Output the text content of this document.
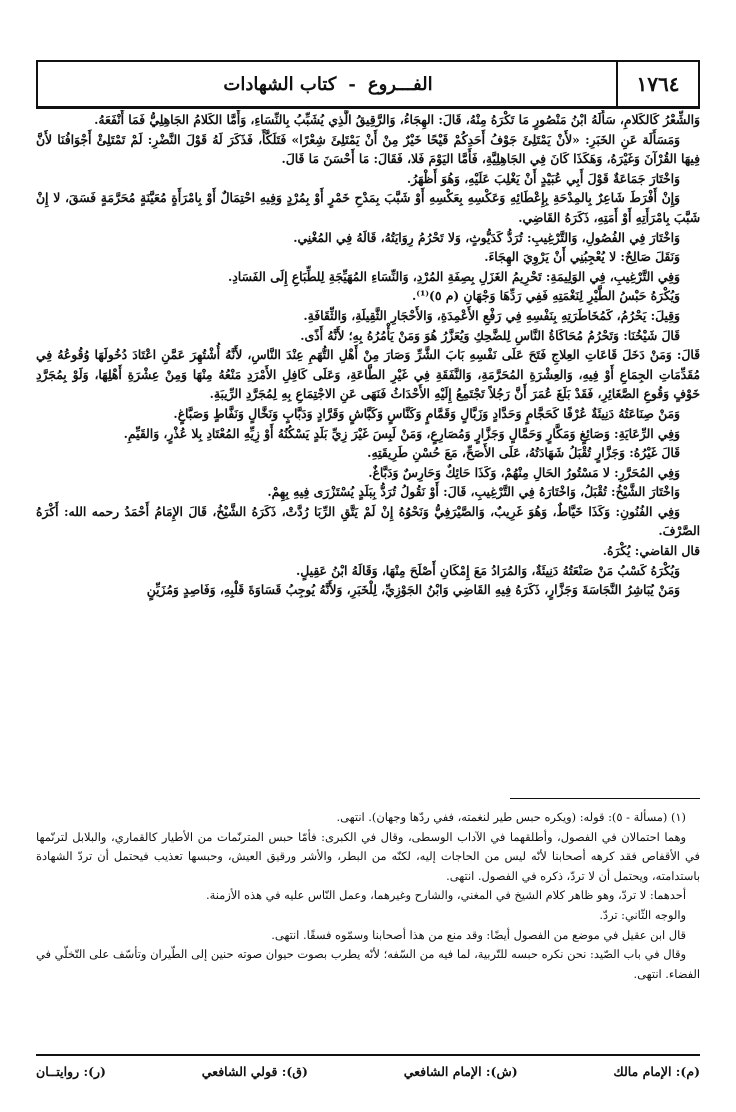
١٧٦٤
الفـــروع
-
كتاب الشهادات

وَالشِّعْرُ كَالكَلامِ، سَأَلَهُ ابْنُ مَنْصُورٍ مَا تَكْرَهُ مِنْهُ، قَالَ: الهِجَاءُ، وَالرَّقِيقُ الَّذِي يُشَبِّبُ بِالنِّسَاءِ، وَأَمَّا الكَلامُ الجَاهِلِيُّ فَمَا أَنْفَعَهُ.

وَمَسَأَلَة عَنِ الخَبَرِ: «لأَنْ يَمْتَلِئَ جَوْفُ أَحَدِكُمْ قَيْحًا خَيْرٌ مِنْ أَنْ يَمْتَلِئَ شِعْرًا» فَتَلَكَّأَ، فَذَكَرَ لَهُ قَوْلَ النَّضْرِ: لَمْ تَمْتَلِئْ أَجْوَافُنَا لأَنَّ فِيهَا القُرْآنَ وَغَيْرَهُ، وَهَكَذَا كَانَ فِي الجَاهِلِيَّةِ، فَأَمَّا اليَوْمَ فَلا، فَقَالَ: مَا أَحْسَنَ مَا قَالَ.

وَاخْتَارَ جَمَاعَةٌ قَوْلَ أَبِي عُبَيْدٍ أَنْ يَغْلِبَ عَلَيْهِ، وَهُوَ أَظْهَرُ.

وَإِنْ أَفْرَطَ شَاعِرٌ بِالمِدْحَةِ بِإِعْطَائِهِ وَعَكْسِهِ بِعَكْسِهِ أَوْ شَبَّبَ بِمَدْحِ خَمْرٍ أَوْ بِمُرْدٍ وَفِيهِ احْتِمَالٌ أَوْ بِامْرَأَةٍ مُعَيَّنَةٍ مُحَرَّمَةٍ فَسَقَ، لا إِنْ شَبَّبَ بِامْرَأَتِهِ أَوْ أَمَتِهِ، ذَكَرَهُ القَاضِي.

وَاخْتَارَ فِي الفُصُولِ، وَالتَّرْغِيبِ: تُرَدُّ كَدَيُّوثٍ، وَلا تَحْرُمُ رِوَايَتُهُ، قَالَهُ فِي المُغْنِي.

وَنَقَلَ صَالِحٌ: لا يُعْجِبُنِي أَنْ يَرْوِيَ الهِجَاءَ.

وَفِي التَّرْغِيبِ، فِي الوَلِيمَةِ: تَحْرِيمُ الغَزَلِ بِصِفَةِ المُرْدِ، وَالنِّسَاءِ المُهَيِّجَةِ لِلطِّبَاعِ إِلَى الفَسَادِ.

وَيُكْرَهُ حَبْسُ الطَّيْرِ لِنَغْمَتِهِ فَفِي رَدِّهَا وَجْهَانِ (م ٥)⁽¹⁾.

وَقِيلَ: يَحْرُمُ، كَمُخَاطَرَتِهِ بِنَفْسِهِ فِي رَفْعِ الأَعْمِدَةِ، وَالأَحْجَارِ الثَّقِيلَةِ، وَالثِّقَافَةِ.

قَالَ شَيْخُنَا: وَتَحْرُمُ مُحَاكَاةُ النَّاسِ لِلضَّحِكِ وَيُعَزَّرُ هُوَ وَمَنْ يَأْمُرُهُ بِهِ؛ لأَنَّهُ أَذًى.

قَالَ: وَمَنْ دَخَلَ قَاعَاتِ العِلاجِ فَتَحَ عَلَى نَفْسِهِ بَابَ الشَّرِّ وَصَارَ مِنْ أَهْلِ التُّهَمِ عِنْدَ النَّاسِ، لأَنَّهُ أُشْتُهِرَ عَمَّنِ اعْتَادَ دُخُولَهَا وُقُوعُهُ فِي مُقَدِّمَاتِ الجِمَاعِ أَوْ فِيهِ، وَالعِشْرَةِ المُحَرَّمَةِ، وَالنَّفَقَةِ فِي غَيْرِ الطَّاعَةِ، وَعَلَى كَافِلِ الأَمْرَدِ مَنْعُهُ مِنْهَا وَمِنْ عِشْرَةِ أَهْلِهَا، وَلَوْ بِمُجَرَّدِ خَوْفٍ وَقُوعِ الصَّغَائِرِ، فَقَدْ بَلَغَ عُمَرَ أَنَّ رَجُلاً تَجْتَمِعُ إِلَيْهِ الأَحْدَاثُ فَنَهَى عَنِ الاجْتِمَاعِ بِهِ لِمُجَرَّدِ الرِّيبَةِ.

وَمَنْ صِنَاعَتُهُ دَنِيئَةٌ عُرْفًا كَحَجَّامٍ وَحَدَّادٍ وَزَبَّالٍ وَقَمَّامٍ وَكَنَّاسٍ وَكَبَّاشٍ وَقَرَّادٍ وَدَبَّابٍ وَنَخَّالٍ وَنَفَّاطٍ وَصَبَّاغٍ.

وَفِي الرِّعَايَةِ: وَصَائِغٍ وَمَكَّارٍ وَحَمَّالٍ وَجَزَّارٍ وَمُصَارِعٍ، وَمَنْ لَبِسَ غَيْرَ زِيِّ بَلَدٍ يَسْكُنُهُ أَوْ زِيِّهِ المُعْتَادِ بِلا عُذْرٍ، وَالقَيِّمِ.

قَالَ غَيْرُهُ: وَجَزَّارٍ تُقْبَلُ شَهَادَتُهُ، عَلَى الأَصَحِّ، مَعَ حُسْنِ طَرِيقَتِهِ.

وَفِي المُحَرَّرِ: لا مَسْتُورُ الحَالِ مِنْهُمْ، وَكَذَا حَائِكٌ وَحَارِسٌ وَدَبَّاغٌ.

وَاخْتَارَ الشَّيْخُ: تُقْبَلُ، وَاخْتَارَهُ فِي التَّرْغِيبِ، قَالَ: أَوْ نَقُولُ تُرَدُّ بِبَلَدٍ يُسْتَزْرَى فِيهِ بِهِمْ.

وَفِي الفُنُونِ: وَكَذَا خَيَّاطٌ، وَهُوَ غَرِيبٌ، وَالصَّيْرَفِيُّ وَنَحْوُهُ إِنْ لَمْ يَتَّقِ الرِّبَا رُدَّتْ، ذَكَرَهُ الشَّيْخُ، قَالَ الإِمَامُ أَحْمَدُ رحمه الله: أَكْرَهُ الصَّرْفَ.

قال القاضي: يُكْرَهُ.

وَيُكْرَهُ كَسْبُ مَنْ صَنْعَتُهُ دَنِيئَةٌ، وَالمُرَادُ مَعَ إِمْكَانِ أَصْلَحَ مِنْهَا، وَقَالَهُ ابْنُ عَقِيلٍ.

وَمَنْ يُبَاشِرُ النَّجَاسَةَ وَجَزَّارٍ، ذَكَرَهُ فِيهِ القَاضِي وَابْنُ الجَوْزِيِّ، لِلْخَبَرِ، وَلأَنَّهُ يُوجِبُ قَسَاوَةَ قَلْبِهِ، وَفَاصِدٍ وَمُزَيِّنٍ

(١) (مسألة - ٥): قوله: (ويكره حبس طير لنغمته، ففي ردّها وجهان). انتهى.

وهما احتمالان في الفصول، وأطلقهما في الآداب الوسطى، وقال في الكبرى: فأمّا حبس المترنّمات من الأطيار كالقماري، والبلابل لترنّمها في الأقفاص فقد كرهه أصحابنا لأنّه ليس من الحاجات إليه، لكنّه من البطر، والأشر ورقيق العيش، وحبسها تعذيب فيحتمل أن تردّ الشهادة باستدامته، ويحتمل أن لا تردّ، ذكره في الفصول. انتهى.

أحدهما: لا تردّ، وهو ظاهر كلام الشيخ في المغني، والشارح وغيرهما، وعمل النّاس عليه في هذه الأزمنة.

والوجه الثّاني: تردّ.

قال ابن عقيل في موضع من الفصول أيضًا: وقد منع من هذا أصحابنا وسمّوه فسقًا. انتهى.

وقال في باب الصّيد: نحن نكره حبسه للتّربية، لما فيه من السّفه؛ لأنّه يطرب بصوت حيوان صوته حنين إلى الطّيران وتأسّف على التّخلّي في الفضاء. انتهى.

(م): الإمام مالك
(ش): الإمام الشافعي
(ق): قولي الشافعي
(ر): روايتــان
